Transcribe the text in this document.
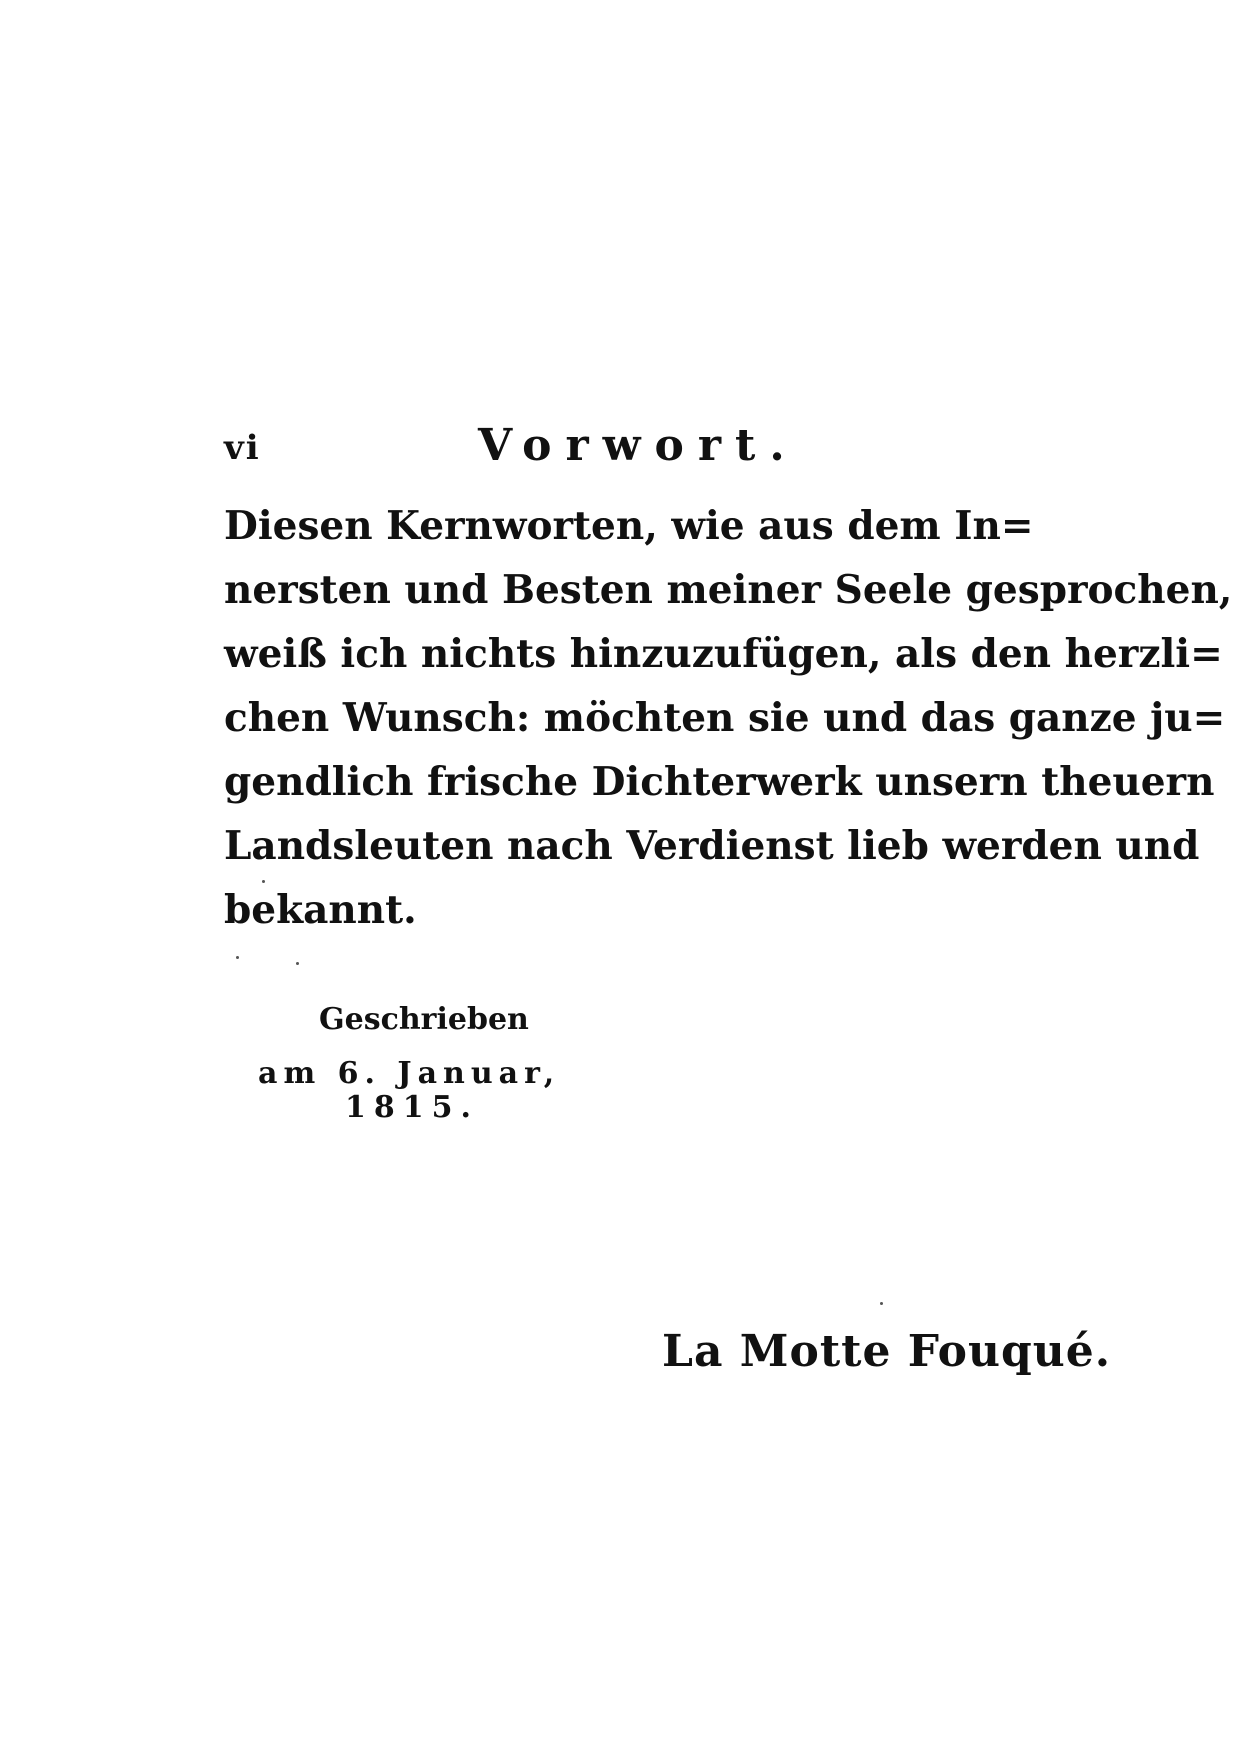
vi	Vorwort.
Diesen Kernworten, wie aus dem In=
nersten und Besten meiner Seele gesprochen,
weiß ich nichts hinzuzufügen, als den herzli=
chen Wunsch: möchten sie und das ganze ju=
gendlich frische Dichterwerk unsern theuern
Landsleuten nach Verdienst lieb werden und
bekannt.
Geschrieben
am 6. Januar,
1815.
La Motte Fouqué.
